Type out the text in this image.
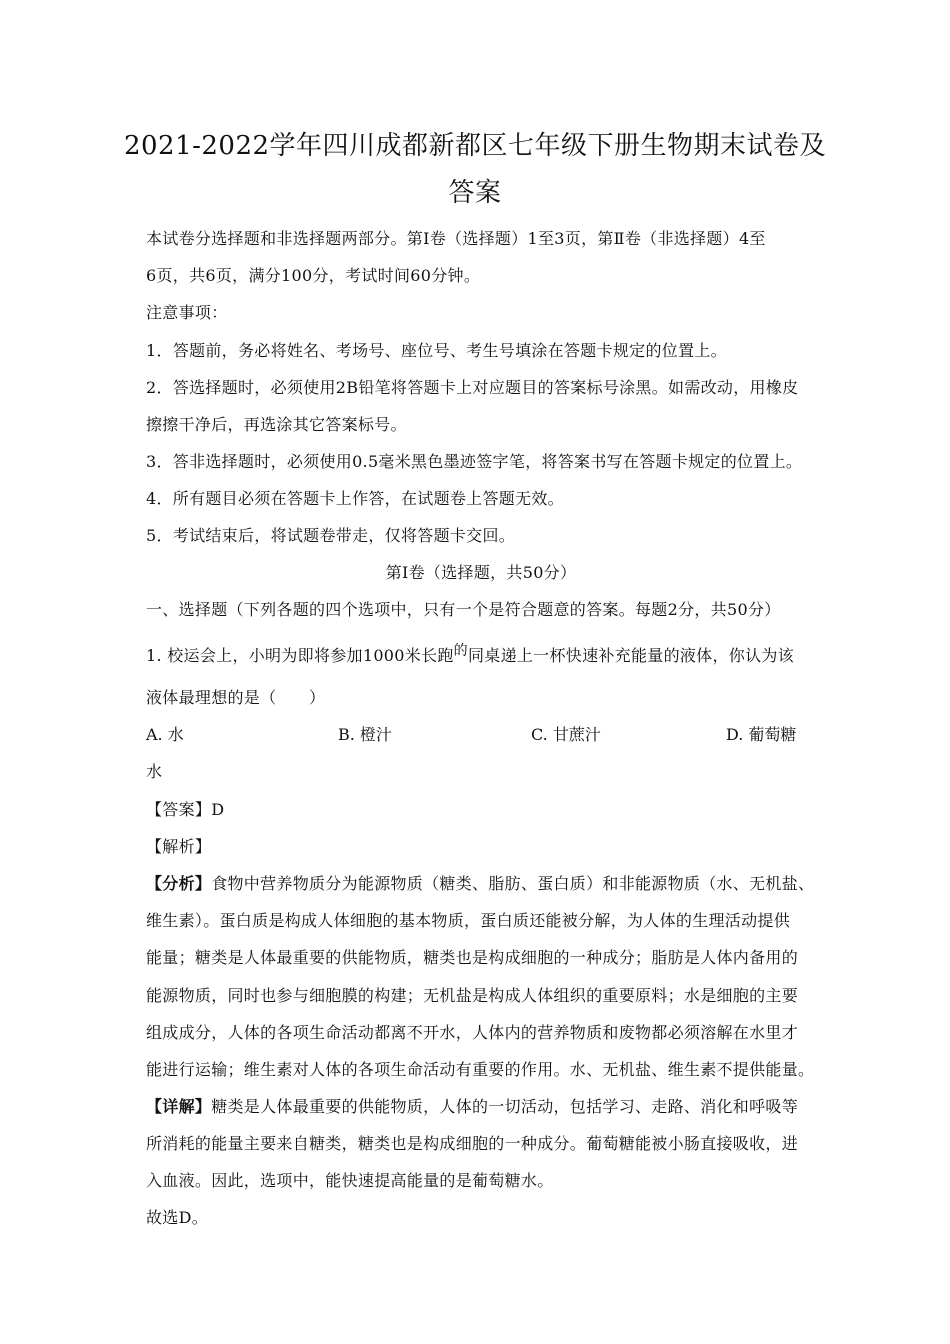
2021-2022学年四川成都新都区七年级下册生物期末试卷及
答案
本试卷分选择题和非选择题两部分。第Ⅰ卷（选择题）1至3页，第Ⅱ卷（非选择题）4至
6页，共6页，满分100分，考试时间60分钟。
注意事项：
1．答题前，务必将姓名、考场号、座位号、考生号填涂在答题卡规定的位置上。
2．答选择题时，必须使用2B铅笔将答题卡上对应题目的答案标号涂黑。如需改动，用橡皮
擦擦干净后，再选涂其它答案标号。
3．答非选择题时，必须使用0.5毫米黑色墨迹签字笔，将答案书写在答题卡规定的位置上。
4．所有题目必须在答题卡上作答，在试题卷上答题无效。
5．考试结束后，将试题卷带走，仅将答题卡交回。
第Ⅰ卷（选择题，共50分）
一、选择题（下列各题的四个选项中，只有一个是符合题意的答案。每题2分，共50分）
1. 校运会上，小明为即将参加1000米长跑$^的$同桌递上一杯快速补充能量的液体，你认为该
液体最理想的是（　　）
A. 水	B. 橙汁	C. 甘蔗汁	D. 葡萄糖
水
【答案】D
【解析】
【分析】食物中营养物质分为能源物质（糖类、脂肪、蛋白质）和非能源物质（水、无机盐、
维生素）。蛋白质是构成人体细胞的基本物质，蛋白质还能被分解，为人体的生理活动提供
能量；糖类是人体最重要的供能物质，糖类也是构成细胞的一种成分；脂肪是人体内备用的
能源物质，同时也参与细胞膜的构建；无机盐是构成人体组织的重要原料；水是细胞的主要
组成成分，人体的各项生命活动都离不开水，人体内的营养物质和废物都必须溶解在水里才
能进行运输；维生素对人体的各项生命活动有重要的作用。水、无机盐、维生素不提供能量。
【详解】糖类是人体最重要的供能物质，人体的一切活动，包括学习、走路、消化和呼吸等
所消耗的能量主要来自糖类，糖类也是构成细胞的一种成分。葡萄糖能被小肠直接吸收，进
入血液。因此，选项中，能快速提高能量的是葡萄糖水。
故选D。
